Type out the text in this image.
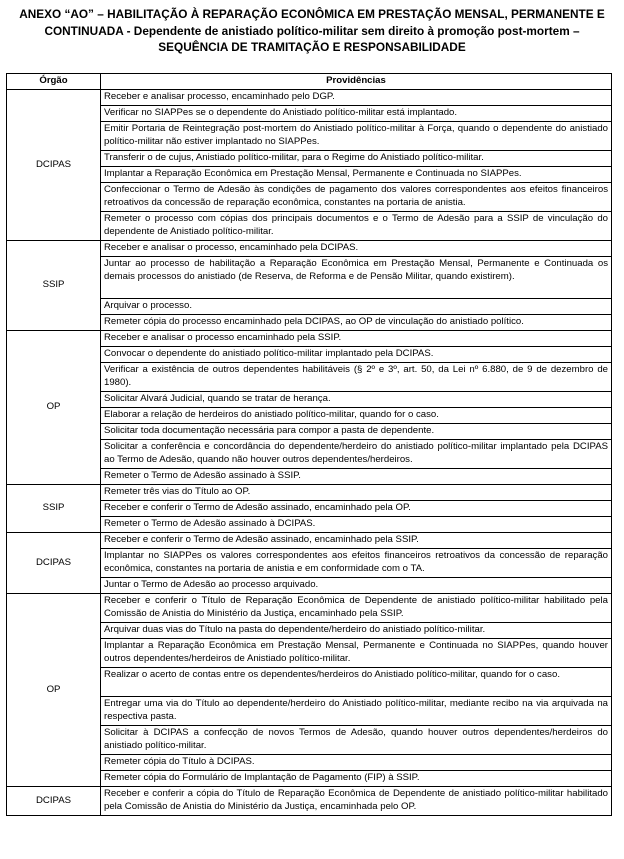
ANEXO “AO” – HABILITAÇÃO À REPARAÇÃO ECONÔMICA EM PRESTAÇÃO MENSAL, PERMANENTE E
CONTINUADA - Dependente de anistiado político-militar sem direito à promoção post-mortem –
SEQUÊNCIA DE TRAMITAÇÃO E RESPONSABILIDADE
Órgão	Providências
DCIPAS	Receber e analisar processo, encaminhado pelo DGP.
	Verificar no SIAPPes se o dependente do Anistiado político-militar está implantado.
	Emitir Portaria de Reintegração post-mortem do Anistiado político-militar à Força, quando o dependente do anistiado político-militar não estiver implantado no SIAPPes.
	Transferir o de cujus, Anistiado político-militar, para o Regime do Anistiado político-militar.
	Implantar a Reparação Econômica em Prestação Mensal, Permanente e Continuada no SIAPPes.
	Confeccionar o Termo de Adesão às condições de pagamento dos valores correspondentes aos efeitos financeiros retroativos da concessão de reparação econômica, constantes na portaria de anistia.
	Remeter o processo com cópias dos principais documentos e o Termo de Adesão para a SSIP de vinculação do dependente de Anistiado político-militar.
SSIP	Receber e analisar o processo, encaminhado pela DCIPAS.
	Juntar ao processo de habilitação a Reparação Econômica em Prestação Mensal, Permanente e Continuada os demais processos do anistiado (de Reserva, de Reforma e de Pensão Militar, quando existirem).
	Arquivar o processo.
	Remeter cópia do processo encaminhado pela DCIPAS, ao OP de vinculação do anistiado político.
OP	Receber e analisar o processo encaminhado pela SSIP.
	Convocar o dependente do anistiado político-militar implantado pela DCIPAS.
	Verificar a existência de outros dependentes habilitáveis (§ 2º e 3º, art. 50, da Lei nº 6.880, de 9 de dezembro de 1980).
	Solicitar Alvará Judicial, quando se tratar de herança.
	Elaborar a relação de herdeiros do anistiado político-militar, quando for o caso.
	Solicitar toda documentação necessária para compor a pasta de dependente.
	Solicitar a conferência e concordância do dependente/herdeiro do anistiado político-militar implantado pela DCIPAS ao Termo de Adesão, quando não houver outros dependentes/herdeiros.
	Remeter o Termo de Adesão assinado à SSIP.
SSIP	Remeter três vias do Título ao OP.
	Receber e conferir o Termo de Adesão assinado, encaminhado pela OP.
	Remeter o Termo de Adesão assinado à DCIPAS.
DCIPAS	Receber e conferir o Termo de Adesão assinado, encaminhado pela SSIP.
	Implantar no SIAPPes os valores correspondentes aos efeitos financeiros retroativos da concessão de reparação econômica, constantes na portaria de anistia e em conformidade com o TA.
	Juntar o Termo de Adesão ao processo arquivado.
OP	Receber e conferir o Título de Reparação Econômica de Dependente de anistiado político-militar habilitado pela Comissão de Anistia do Ministério da Justiça, encaminhado pela SSIP.
	Arquivar duas vias do Título na pasta do dependente/herdeiro do anistiado político-militar.
	Implantar a Reparação Econômica em Prestação Mensal, Permanente e Continuada no SIAPPes, quando houver outros dependentes/herdeiros de Anistiado político-militar.
	Realizar o acerto de contas entre os dependentes/herdeiros do Anistiado político-militar, quando for o caso.
	Entregar uma via do Título ao dependente/herdeiro do Anistiado político-militar, mediante recibo na via arquivada na respectiva pasta.
	Solicitar à DCIPAS a confecção de novos Termos de Adesão, quando houver outros dependentes/herdeiros do anistiado político-militar.
	Remeter cópia do Título à DCIPAS.
	Remeter cópia do Formulário de Implantação de Pagamento (FIP) à SSIP.
DCIPAS	Receber e conferir a cópia do Título de Reparação Econômica de Dependente de anistiado político-militar habilitado pela Comissão de Anistia do Ministério da Justiça, encaminhada pelo OP.
